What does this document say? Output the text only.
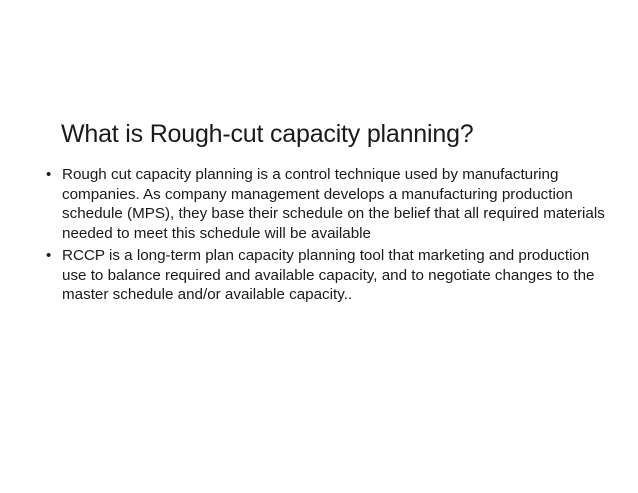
What is Rough-cut capacity planning?
• Rough cut capacity planning is a control technique used by manufacturing companies. As company management develops a manufacturing production schedule (MPS), they base their schedule on the belief that all required materials needed to meet this schedule will be available
• RCCP is a long-term plan capacity planning tool that marketing and production use to balance required and available capacity, and to negotiate changes to the master schedule and/or available capacity..
